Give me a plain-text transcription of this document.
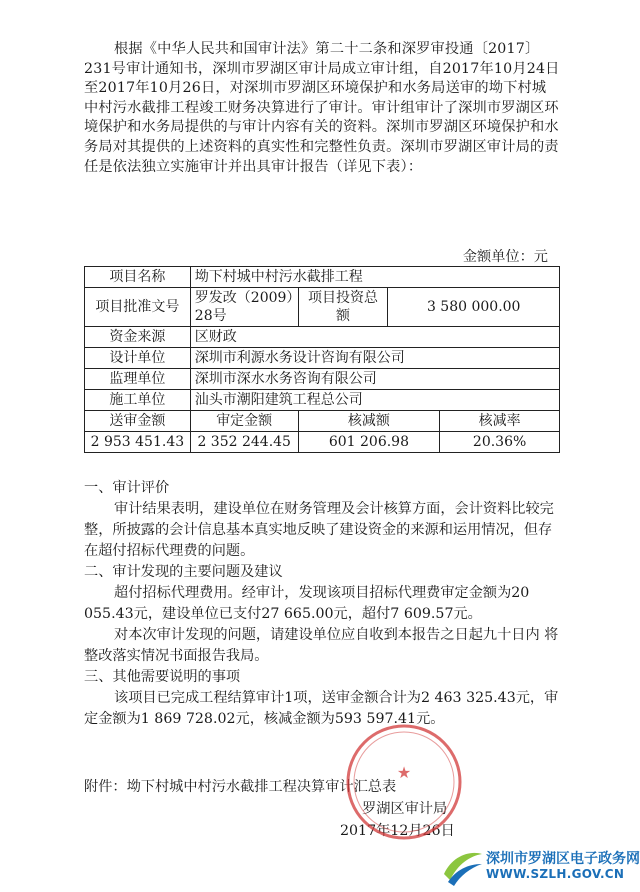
根据《中华人民共和国审计法》第二十二条和深罗审投通〔2017〕231号审计通知书，深圳市罗湖区审计局成立审计组，自2017年10月24日至2017年10月26日，对深圳市罗湖区环境保护和水务局送审的坳下村城中村污水截排工程竣工财务决算进行了审计。审计组审计了深圳市罗湖区环境保护和水务局提供的与审计内容有关的资料。深圳市罗湖区环境保护和水务局对其提供的上述资料的真实性和完整性负责。深圳市罗湖区审计局的责任是依法独立实施审计并出具审计报告（详见下表）：

金额单位：元
项目名称	坳下村城中村污水截排工程			
项目批准文号	罗发改（2009）28号	项目投资总额	3 580 000.00	
资金来源	区财政			
设计单位	深圳市利源水务设计咨询有限公司			
监理单位	深圳市深水水务咨询有限公司			
施工单位	汕头市潮阳建筑工程总公司			
送审金额	审定金额	核减额		核减率
2 953 451.43	2 352 244.45	601 206.98		20.36%

一、审计评价

审计结果表明，建设单位在财务管理及会计核算方面，会计资料比较完整，所披露的会计信息基本真实地反映了建设资金的来源和运用情况，但存在超付招标代理费的问题。

二、审计发现的主要问题及建议

超付招标代理费用。经审计，发现该项目招标代理费审定金额为20 055.43元，建设单位已支付27 665.00元，超付7 609.57元。

对本次审计发现的问题，请建设单位应自收到本报告之日起九十日内 将整改落实情况书面报告我局。

三、其他需要说明的事项

该项目已完成工程结算审计1项，送审金额合计为2 463 325.43元，审定金额为1 869 728.02元，核减金额为593 597.41元。

附件：坳下村城中村污水截排工程决算审计汇总表
罗湖区审计局
2017年12月26日
★
深圳市罗湖区电子政务网
WWW.SZLH.GOV.CN
